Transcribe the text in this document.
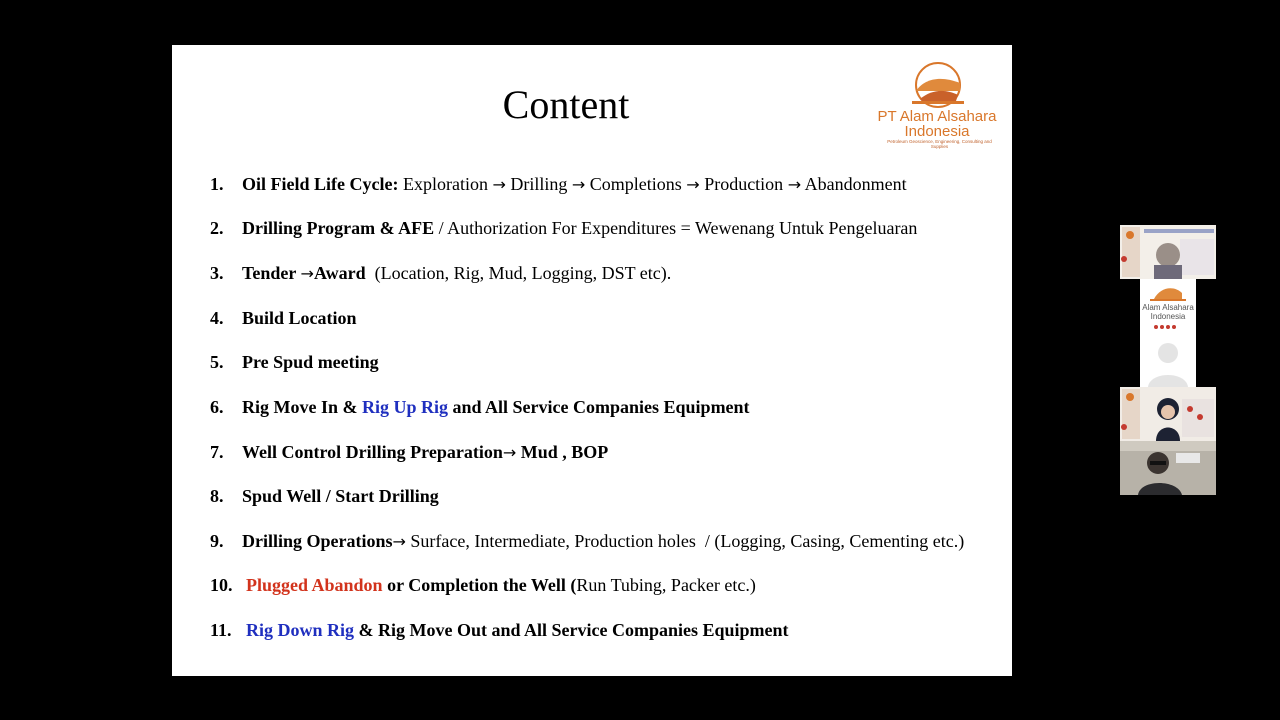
Content	PT Alam Alsahara
Indonesia
Petroleum Geoscience, Engineering, Consulting and Supplies
1. Oil Field Life Cycle: Exploration → Drilling → Completions → Production → Abandonment
2. Drilling Program & AFE / Authorization For Expenditures = Wewenang Untuk Pengeluaran
3. Tender →Award  (Location, Rig, Mud, Logging, DST etc).
4. Build Location
5. Pre Spud meeting
6. Rig Move In & Rig Up Rig and All Service Companies Equipment
7. Well Control Drilling Preparation→ Mud , BOP
8. Spud Well / Start Drilling
9. Drilling Operations→ Surface, Intermediate, Production holes  / (Logging, Casing, Cementing etc.)
10. Plugged Abandon or Completion the Well (Run Tubing, Packer etc.)
11. Rig Down Rig & Rig Move Out and All Service Companies Equipment
Alam Alsahara
Indonesia
